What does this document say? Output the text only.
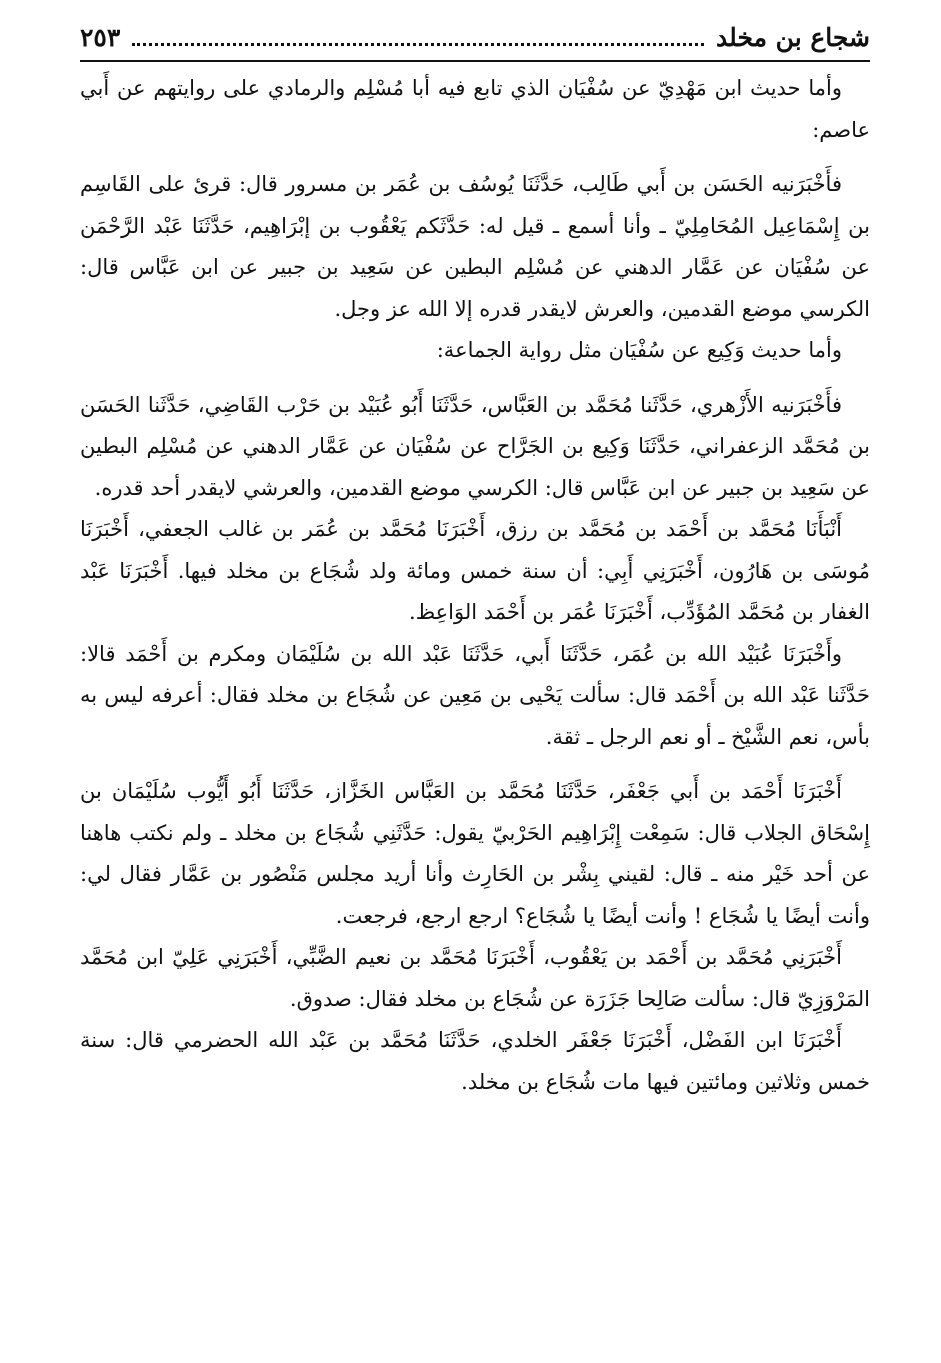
شجاع بن مخلد
٢٥٣

وأما حديث ابن مَهْدِيّ عن سُفْيَان الذي تابع فيه أبا مُسْلِم والرمادي على روايتهم عن أَبي عاصم:

فأَخْبَرَنيه الحَسَن بن أَبي طَالِب، حَدَّثَنَا يُوسُف بن عُمَر بن مسرور قال: قرئ على القَاسِم بن إِسْمَاعِيل المُحَامِلِيّ ـ وأنا أسمع ـ قيل له: حَدَّثَكم يَعْقُوب بن إبْرَاهِيم، حَدَّثَنَا عَبْد الرَّحْمَن عن سُفْيَان عن عَمَّار الدهني عن مُسْلِم البطين عن سَعِيد بن جبير عن ابن عَبَّاس قال: الكرسي موضع القدمين، والعرش لايقدر قدره إلا الله عز وجل.

وأما حديث وَكِيع عن سُفْيَان مثل رواية الجماعة:

فأَخْبَرَنيه الأَزْهري، حَدَّثَنا مُحَمَّد بن العَبَّاس، حَدَّثَنَا أَبُو عُبَيْد بن حَرْب القَاضِي، حَدَّثَنا الحَسَن بن مُحَمَّد الزعفراني، حَدَّثَنَا وَكِيع بن الجَرَّاح عن سُفْيَان عن عَمَّار الدهني عن مُسْلِم البطين عن سَعِيد بن جبير عن ابن عَبَّاس قال: الكرسي موضع القدمين، والعرشي لايقدر أحد قدره.

أَنْبَأَنَا مُحَمَّد بن أَحْمَد بن مُحَمَّد بن رزق، أَخْبَرَنَا مُحَمَّد بن عُمَر بن غالب الجعفي، أَخْبَرَنَا مُوسَى بن هَارُون، أَخْبَرَنِي أَبِي: أن سنة خمس ومائة ولد شُجَاع بن مخلد فيها. أَخْبَرَنَا عَبْد الغفار بن مُحَمَّد المُؤَدِّب، أَخْبَرَنَا عُمَر بن أَحْمَد الوَاعِظ.

وأَخْبَرَنَا عُبَيْد الله بن عُمَر، حَدَّثَنَا أَبي، حَدَّثَنَا عَبْد الله بن سُلَيْمَان ومكرم بن أَحْمَد قالا: حَدَّثَنا عَبْد الله بن أَحْمَد قال: سألت يَحْيى بن مَعِين عن شُجَاع بن مخلد فقال: أعرفه ليس به بأس، نعم الشَّيْخ ـ أو نعم الرجل ـ ثقة.

أَخْبَرَنَا أَحْمَد بن أَبي جَعْفَر، حَدَّثَنَا مُحَمَّد بن العَبَّاس الخَزَّاز، حَدَّثَنَا أَبُو أَيُّوب سُلَيْمَان بن إِسْحَاق الجلاب قال: سَمِعْت إِبْرَاهِيم الحَرْبيّ يقول: حَدَّثَنِي شُجَاع بن مخلد ـ ولم نكتب هاهنا عن أحد خَيْر منه ـ قال: لقيني بِشْر بن الحَارِث وأنا أريد مجلس مَنْصُور بن عَمَّار فقال لي: وأنت أيضًا يا شُجَاع ! وأنت أيضًا يا شُجَاع؟ ارجع ارجع، فرجعت.

أَخْبَرَنِي مُحَمَّد بن أَحْمَد بن يَعْقُوب، أَخْبَرَنَا مُحَمَّد بن نعيم الضَّبِّي، أَخْبَرَنِي عَلِيّ ابن مُحَمَّد المَرْوَزِيّ قال: سألت صَالِحا جَزَرَة عن شُجَاع بن مخلد فقال: صدوق.

أَخْبَرَنَا ابن الفَضْل، أَخْبَرَنَا جَعْفَر الخلدي، حَدَّثَنَا مُحَمَّد بن عَبْد الله الحضرمي قال: سنة خمس وثلاثين ومائتين فيها مات شُجَاع بن مخلد.
